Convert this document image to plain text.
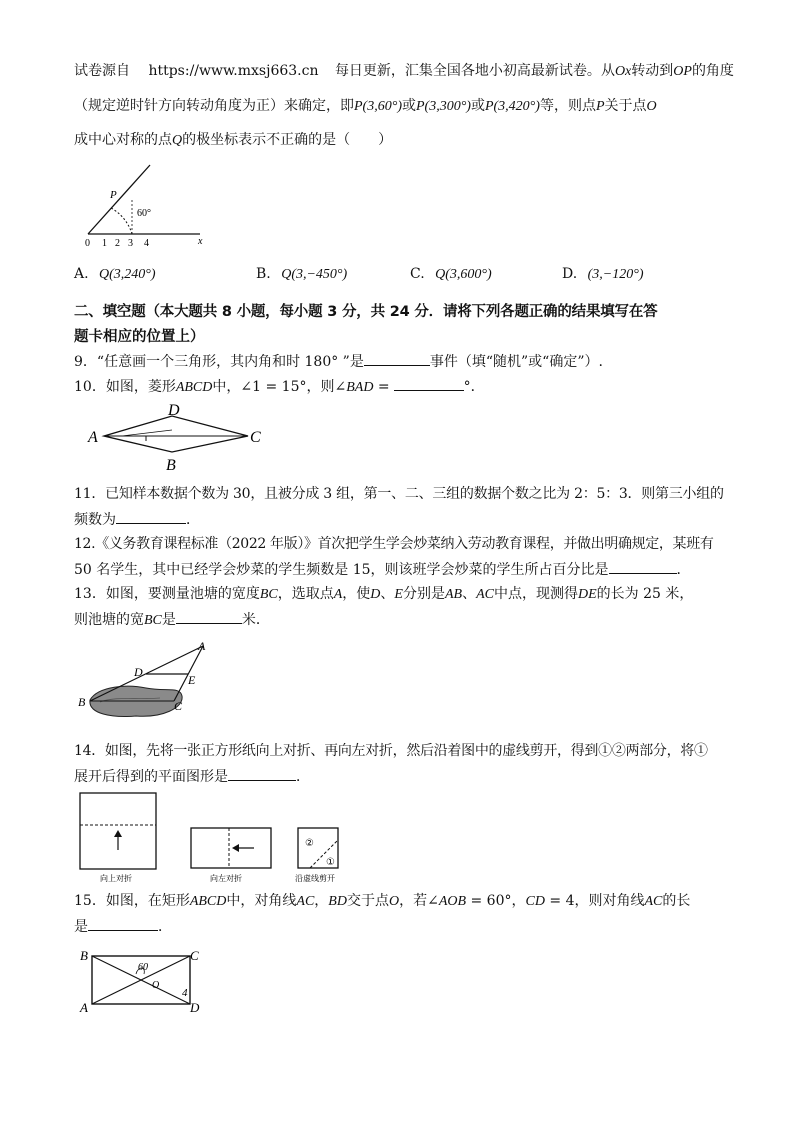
试卷源自 https://www.mxsj663.cn 每日更新，汇集全国各地小初高最新试卷。从Ox转动到OP的角度
（规定逆时针方向转动角度为正）来确定，即P(3,60°)或P(3,300°)或P(3,420°)等，则点P关于点O
成中心对称的点Q的极坐标表示不正确的是（　　）
P
60°
x
0 1 2 3 4
A. Q(3,240°)	B. Q(3,−450°)	C. Q(3,600°)	D. (3,−120°)
二、填空题（本大题共 8 小题，每小题 3 分，共 24 分．请将下列各题正确的结果填写在答
题卡相应的位置上）
9．“任意画一个三角形，其内角和时 180° ”是	事件（填“随机”或“确定”）.
10．如图，菱形ABCD中，∠1 = 15°，则∠BAD =	°．
A
D
C
B
11．已知样本数据个数为 30，且被分成 3 组，第一、二、三组的数据个数之比为 2：5：3．则第三小组的
频数为	．
12.《义务教育课程标准（2022 年版）》首次把学生学会炒菜纳入劳动教育课程，并做出明确规定，某班有
50 名学生，其中已经学会炒菜的学生频数是 15，则该班学会炒菜的学生所占百分比是	．
13．如图，要测量池塘的宽度BC，选取点A，使D、E分别是AB、AC中点，现测得DE的长为 25 米，
则池塘的宽BC是	米．
A
D
E
B	C
14．如图，先将一张正方形纸向上对折、再向左对折，然后沿着图中的虚线剪开，得到①②两部分，将①
展开后得到的平面图形是	．
向上对折	向左对折
②
①
沿虚线剪开
15．如图，在矩形ABCD中，对角线AC，BD交于点O，若∠AOB = 60°，CD = 4，则对角线AC的长
是	．
60
O
4
B	C
A	D
